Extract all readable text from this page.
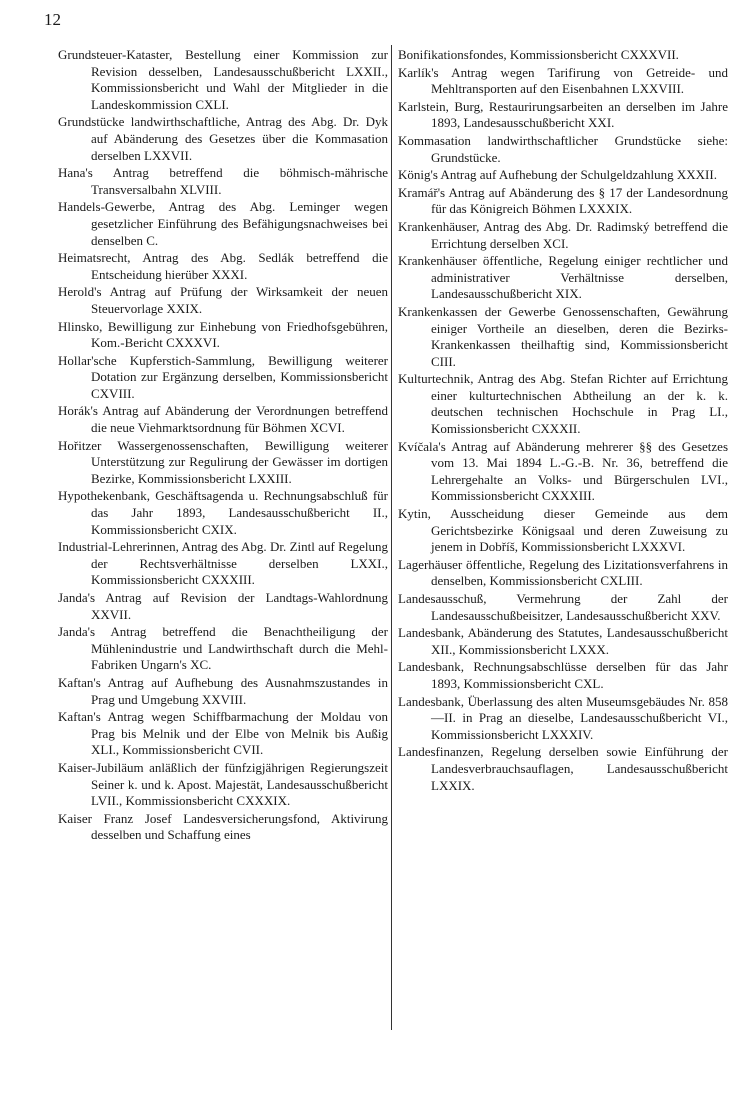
12

Grundsteuer-Kataster, Bestellung einer Kommission zur Revision desselben, Landesausschußbericht LXXII., Kommissionsbericht und Wahl der Mitglieder in die Landeskommission CXLI.

Grundstücke landwirthschaftliche, Antrag des Abg. Dr. Dyk auf Abänderung des Gesetzes über die Kommasation derselben LXXVII.

Hana's Antrag betreffend die böhmisch-mährische Transversalbahn XLVIII.

Handels-Gewerbe, Antrag des Abg. Leminger wegen gesetzlicher Einführung des Befähigungsnachweises bei denselben C.

Heimatsrecht, Antrag des Abg. Sedlák betreffend die Entscheidung hierüber XXXI.

Herold's Antrag auf Prüfung der Wirksamkeit der neuen Steuervorlage XXIX.

Hlinsko, Bewilligung zur Einhebung von Friedhofsgebühren, Kom.-Bericht CXXXVI.

Hollar'sche Kupferstich-Sammlung, Bewilligung weiterer Dotation zur Ergänzung derselben, Kommissionsbericht CXVIII.

Horák's Antrag auf Abänderung der Verordnungen betreffend die neue Viehmarktsordnung für Böhmen XCVI.

Hořitzer Wassergenossenschaften, Bewilligung weiterer Unterstützung zur Regulirung der Gewässer im dortigen Bezirke, Kommissionsbericht LXXIII.

Hypothekenbank, Geschäftsagenda u. Rechnungsabschluß für das Jahr 1893, Landesausschußbericht II., Kommissionsbericht CXIX.

Industrial-Lehrerinnen, Antrag des Abg. Dr. Zintl auf Regelung der Rechtsverhältnisse derselben LXXI., Kommissionsbericht CXXXIII.

Janda's Antrag auf Revision der Landtags-Wahlordnung XXVII.

Janda's Antrag betreffend die Benachtheiligung der Mühlenindustrie und Landwirthschaft durch die Mehl-Fabriken Ungarn's XC.

Kaftan's Antrag auf Aufhebung des Ausnahmszustandes in Prag und Umgebung XXVIII.

Kaftan's Antrag wegen Schiffbarmachung der Moldau von Prag bis Melnik und der Elbe von Melnik bis Außig XLI., Kommissionsbericht CVII.

Kaiser-Jubiläum anläßlich der fünfzigjährigen Regierungszeit Seiner k. und k. Apost. Majestät, Landesausschußbericht LVII., Kommissionsbericht CXXXIX.

Kaiser Franz Josef Landesversicherungsfond, Aktivirung desselben und Schaffung eines

Bonifikationsfondes, Kommissionsbericht CXXXVII.

Karlík's Antrag wegen Tarifirung von Getreide- und Mehltransporten auf den Eisenbahnen LXXVIII.

Karlstein, Burg, Restaurirungsarbeiten an derselben im Jahre 1893, Landesausschußbericht XXI.

Kommasation landwirthschaftlicher Grundstücke siehe: Grundstücke.

König's Antrag auf Aufhebung der Schulgeldzahlung XXXII.

Kramář's Antrag auf Abänderung des § 17 der Landesordnung für das Königreich Böhmen LXXXIX.

Krankenhäuser, Antrag des Abg. Dr. Radimský betreffend die Errichtung derselben XCI.

Krankenhäuser öffentliche, Regelung einiger rechtlicher und administrativer Verhältnisse derselben, Landesausschußbericht XIX.

Krankenkassen der Gewerbe Genossenschaften, Gewährung einiger Vortheile an dieselben, deren die Bezirks-Krankenkassen theilhaftig sind, Kommissionsbericht CIII.

Kulturtechnik, Antrag des Abg. Stefan Richter auf Errichtung einer kulturtechnischen Abtheilung an der k. k. deutschen technischen Hochschule in Prag LI., Komissionsbericht CXXXII.

Kvíčala's Antrag auf Abänderung mehrerer §§ des Gesetzes vom 13. Mai 1894 L.-G.-B. Nr. 36, betreffend die Lehrergehalte an Volks- und Bürgerschulen LVI., Kommissionsbericht CXXXIII.

Kytin, Ausscheidung dieser Gemeinde aus dem Gerichtsbezirke Königsaal und deren Zuweisung zu jenem in Dobříš, Kommissionsbericht LXXXVI.

Lagerhäuser öffentliche, Regelung des Lizitationsverfahrens in denselben, Kommissionsbericht CXLIII.

Landesausschuß, Vermehrung der Zahl der Landesausschußbeisitzer, Landesausschußbericht XXV.

Landesbank, Abänderung des Statutes, Landesausschußbericht XII., Kommissionsbericht LXXX.

Landesbank, Rechnungsabschlüsse derselben für das Jahr 1893, Kommissionsbericht CXL.

Landesbank, Überlassung des alten Museumsgebäudes Nr. 858—II. in Prag an dieselbe, Landesausschußbericht VI., Kommissionsbericht LXXXIV.

Landesfinanzen, Regelung derselben sowie Einführung der Landesverbrauchsauflagen, Landesausschußbericht LXXIX.
